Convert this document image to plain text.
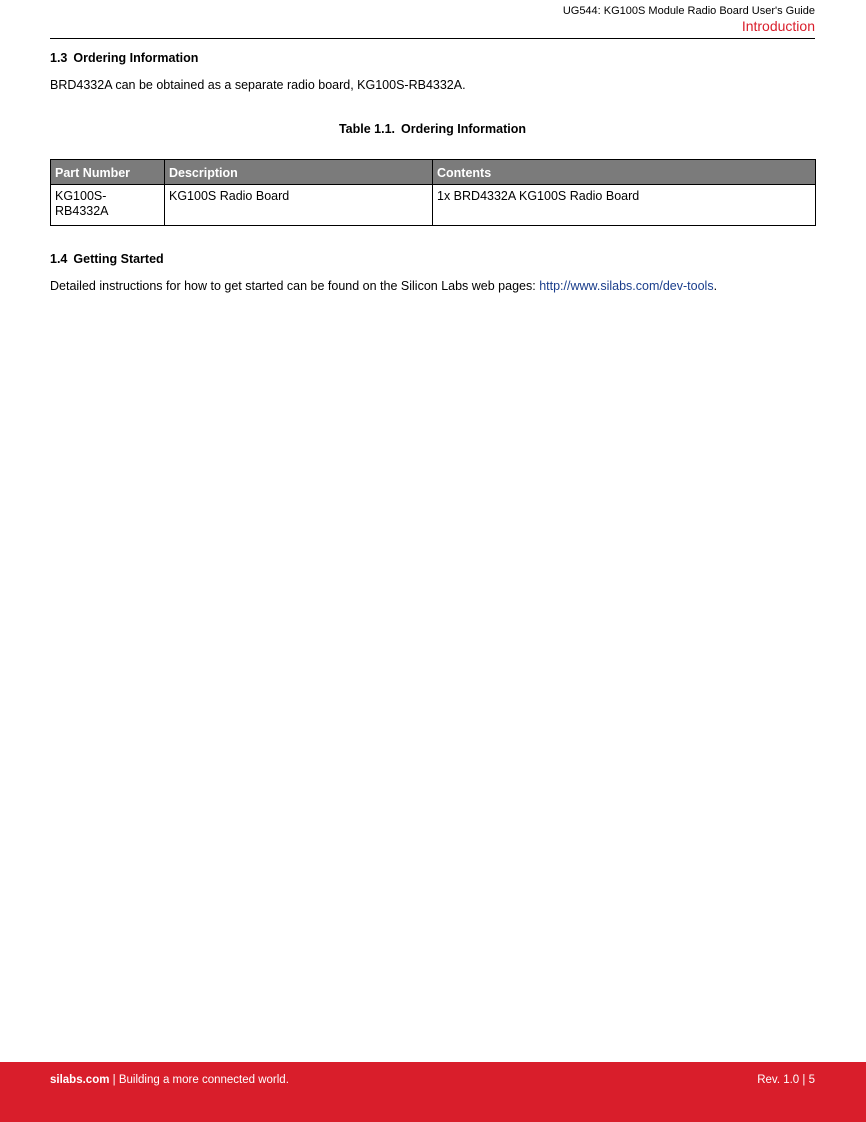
UG544: KG100S Module Radio Board User's Guide
Introduction
1.3 Ordering Information
BRD4332A can be obtained as a separate radio board, KG100S-RB4332A.
Table 1.1. Ordering Information
Part Number	Description	Contents

KG100S-RB4332A	KG100S Radio Board	1x BRD4332A KG100S Radio Board
1.4 Getting Started
Detailed instructions for how to get started can be found on the Silicon Labs web pages: http://www.silabs.com/dev-tools.
silabs.com | Building a more connected world.	Rev. 1.0 | 5
